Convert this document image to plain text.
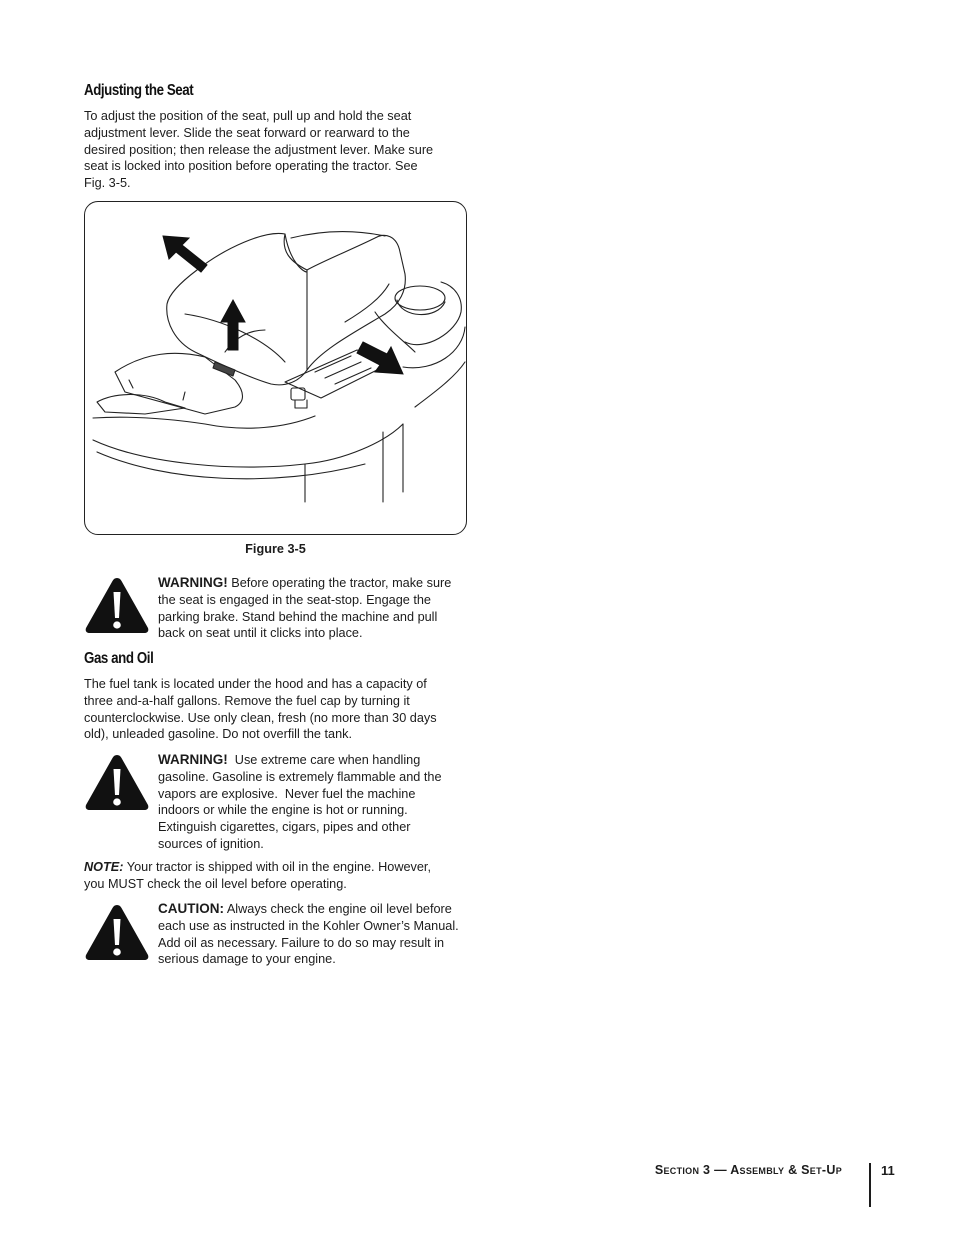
Adjusting the Seat
To adjust the position of the seat, pull up and hold the seat
adjustment lever. Slide the seat forward or rearward to the
desired position; then release the adjustment lever. Make sure
seat is locked into position before operating the tractor. See
Fig. 3-5.
Figure 3-5
WARNING! Before operating the tractor, make sure
the seat is engaged in the seat-stop. Engage the
parking brake. Stand behind the machine and pull
back on seat until it clicks into place.
Gas and Oil
The fuel tank is located under the hood and has a capacity of
three and-a-half gallons. Remove the fuel cap by turning it
counterclockwise. Use only clean, fresh (no more than 30 days
old), unleaded gasoline. Do not overfill the tank.
WARNING!  Use extreme care when handling
gasoline. Gasoline is extremely flammable and the
vapors are explosive.  Never fuel the machine
indoors or while the engine is hot or running.
Extinguish cigarettes, cigars, pipes and other
sources of ignition.
NOTE: Your tractor is shipped with oil in the engine. However,
you MUST check the oil level before operating.
CAUTION: Always check the engine oil level before
each use as instructed in the Kohler Owner’s Manual.
Add oil as necessary. Failure to do so may result in
serious damage to your engine.
Section 3 — Assembly & Set-Up	11
